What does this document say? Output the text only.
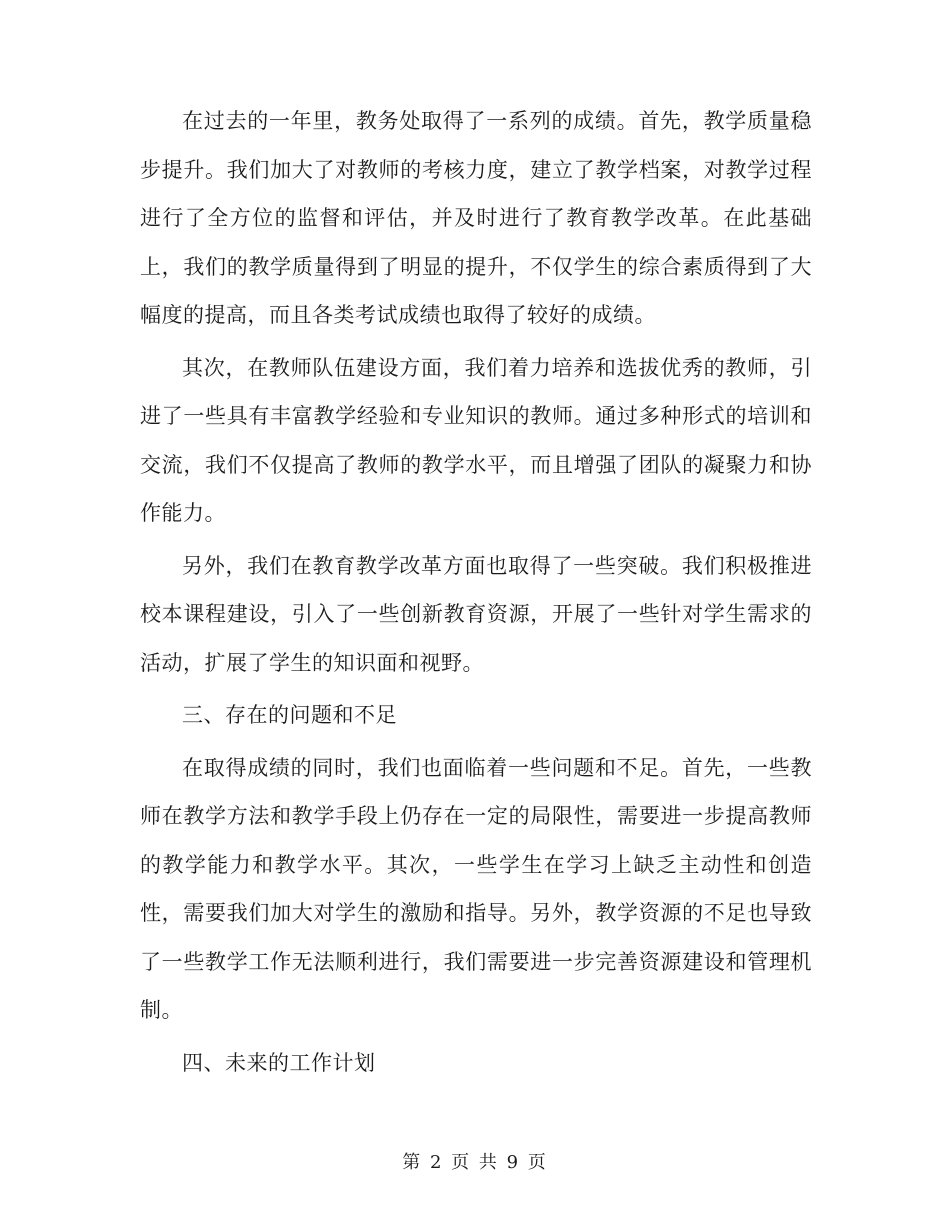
在过去的一年里，教务处取得了一系列的成绩。首先，教学质量稳步提升。我们加大了对教师的考核力度，建立了教学档案，对教学过程进行了全方位的监督和评估，并及时进行了教育教学改革。在此基础上，我们的教学质量得到了明显的提升，不仅学生的综合素质得到了大幅度的提高，而且各类考试成绩也取得了较好的成绩。

其次，在教师队伍建设方面，我们着力培养和选拔优秀的教师，引进了一些具有丰富教学经验和专业知识的教师。通过多种形式的培训和交流，我们不仅提高了教师的教学水平，而且增强了团队的凝聚力和协作能力。

另外，我们在教育教学改革方面也取得了一些突破。我们积极推进校本课程建设，引入了一些创新教育资源，开展了一些针对学生需求的活动，扩展了学生的知识面和视野。

三、存在的问题和不足

在取得成绩的同时，我们也面临着一些问题和不足。首先，一些教师在教学方法和教学手段上仍存在一定的局限性，需要进一步提高教师的教学能力和教学水平。其次，一些学生在学习上缺乏主动性和创造性，需要我们加大对学生的激励和指导。另外，教学资源的不足也导致了一些教学工作无法顺利进行，我们需要进一步完善资源建设和管理机制。

四、未来的工作计划

第 2 页 共 9 页
